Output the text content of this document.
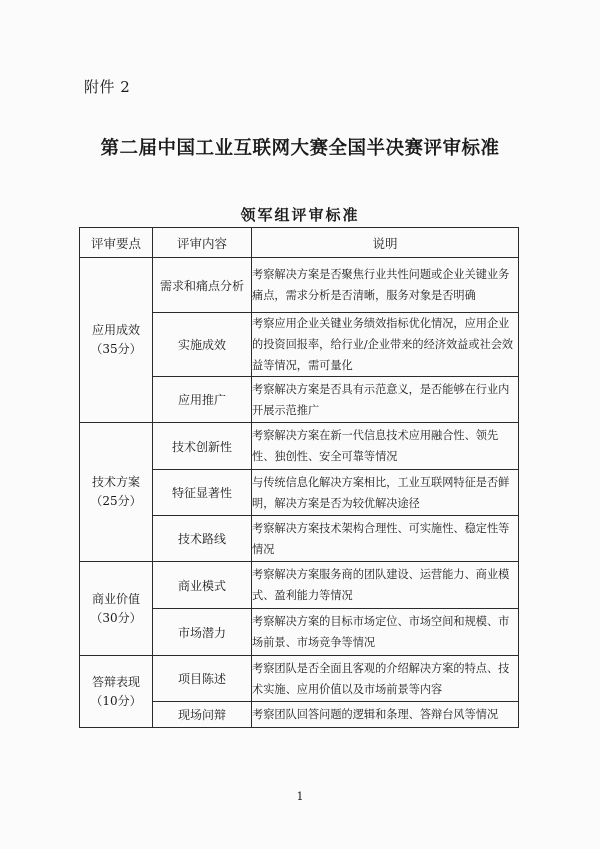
附件 2
第二届中国工业互联网大赛全国半决赛评审标准
领军组评审标准
评审要点	评审内容	说明

应用成效
（35分）	需求和痛点分析	考察解决方案是否聚焦行业共性问题或企业关键业务痛点，需求分析是否清晰，服务对象是否明确
	实施成效	考察应用企业关键业务绩效指标优化情况，应用企业的投资回报率，给行业/企业带来的经济效益或社会效益等情况，需可量化
	应用推广	考察解决方案是否具有示范意义，是否能够在行业内开展示范推广

技术方案
（25分）	技术创新性	考察解决方案在新一代信息技术应用融合性、领先性、独创性、安全可靠等情况
	特征显著性	与传统信息化解决方案相比，工业互联网特征是否鲜明，解决方案是否为较优解决途径
	技术路线	考察解决方案技术架构合理性、可实施性、稳定性等情况

商业价值
（30分）	商业模式	考察解决方案服务商的团队建设、运营能力、商业模式、盈利能力等情况
	市场潜力	考察解决方案的目标市场定位、市场空间和规模、市场前景、市场竞争等情况

答辩表现
（10分）	项目陈述	考察团队是否全面且客观的介绍解决方案的特点、技术实施、应用价值以及市场前景等内容
	现场问辩	考察团队回答问题的逻辑和条理、答辩台风等情况
1
